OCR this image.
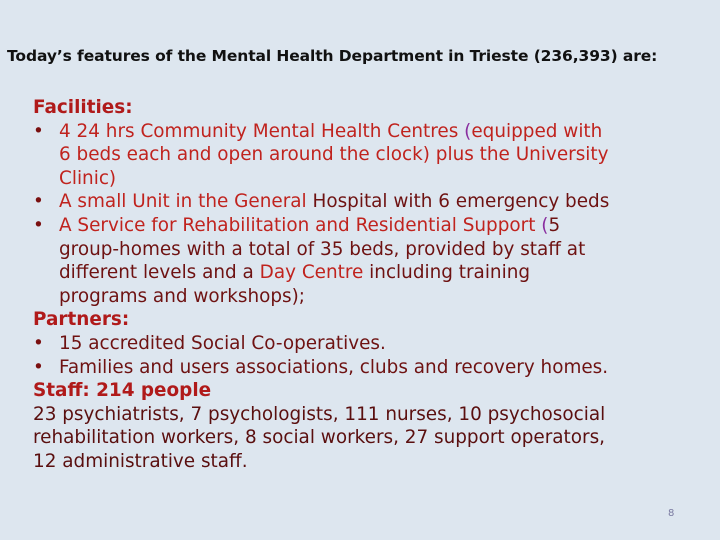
Today’s features of the Mental Health Department in Trieste (236,393) are:
Facilities:
• 4 24 hrs Community Mental Health Centres (equipped with
6 beds each and open around the clock) plus the University
Clinic)
• A small Unit in the General Hospital with 6 emergency beds
• A Service for Rehabilitation and Residential Support (5
group-homes with a total of 35 beds, provided by staff at
different levels and a Day Centre including training
programs and workshops);
Partners:
• 15 accredited Social Co-operatives.
• Families and users associations, clubs and recovery homes.
Staff: 214 people
23 psychiatrists, 7 psychologists, 111 nurses, 10 psychosocial
rehabilitation workers, 8 social workers, 27 support operators,
12 administrative staff.
8
